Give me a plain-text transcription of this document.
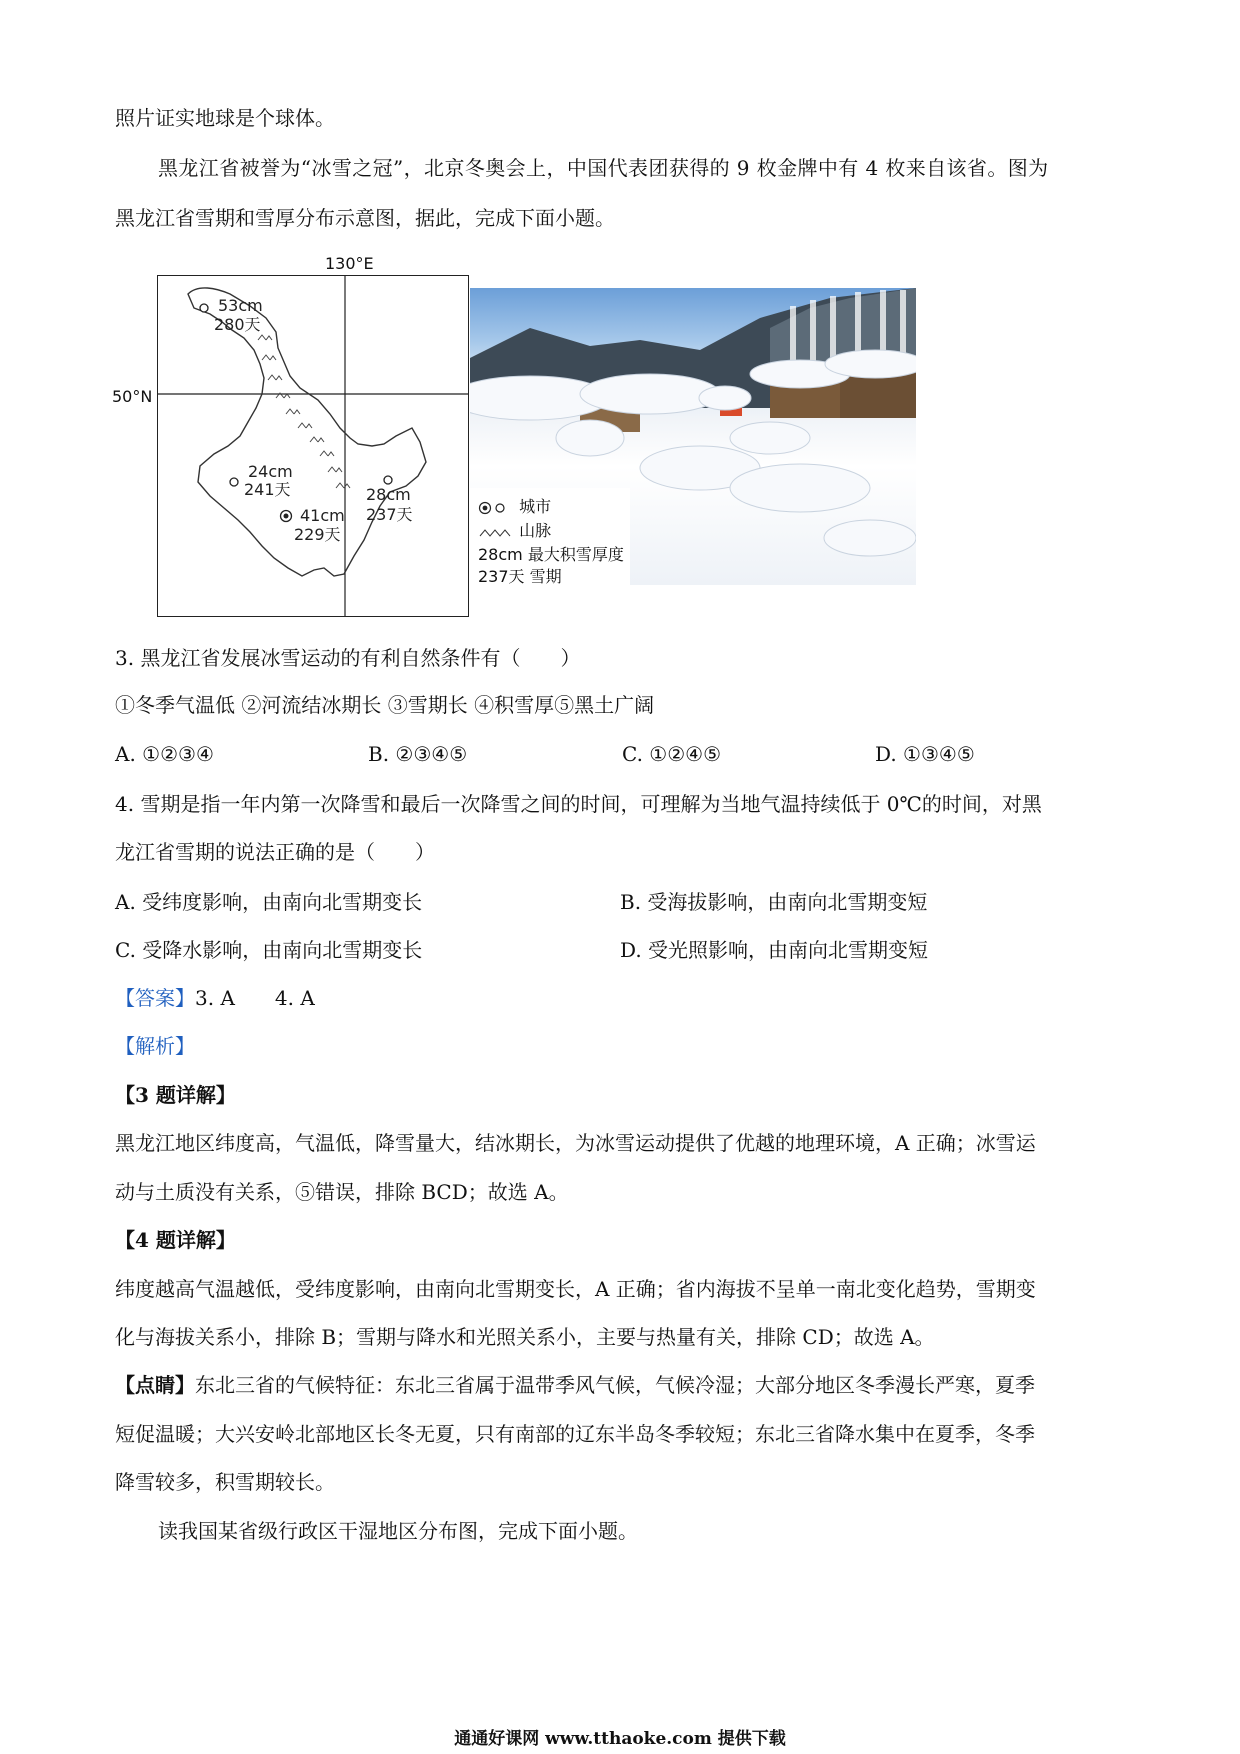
照片证实地球是个球体。
黑龙江省被誉为“冰雪之冠”，北京冬奥会上，中国代表团获得的 9 枚金牌中有 4 枚来自该省。图为
黑龙江省雪期和雪厚分布示意图，据此，完成下面小题。
130°E
50°N
53cm
280天
24cm
241天
41cm
229天
28cm
237天	城市
山脉
28cm 最大积雪厚度
237天 雪期
3. 黑龙江省发展冰雪运动的有利自然条件有（　　）
①冬季气温低 ②河流结冰期长 ③雪期长 ④积雪厚⑤黑土广阔
A. ①②③④	B. ②③④⑤	C. ①②④⑤	D. ①③④⑤
4. 雪期是指一年内第一次降雪和最后一次降雪之间的时间，可理解为当地气温持续低于 0℃的时间，对黑
龙江省雪期的说法正确的是（　　）
A. 受纬度影响，由南向北雪期变长	B. 受海拔影响，由南向北雪期变短
C. 受降水影响，由南向北雪期变长	D. 受光照影响，由南向北雪期变短
【答案】3. A　　4. A
【解析】
【3 题详解】
黑龙江地区纬度高，气温低，降雪量大，结冰期长，为冰雪运动提供了优越的地理环境，A 正确；冰雪运
动与土质没有关系，⑤错误，排除 BCD；故选 A。
【4 题详解】
纬度越高气温越低，受纬度影响，由南向北雪期变长，A 正确；省内海拔不呈单一南北变化趋势，雪期变
化与海拔关系小，排除 B；雪期与降水和光照关系小，主要与热量有关，排除 CD；故选 A。
【点睛】东北三省的气候特征：东北三省属于温带季风气候，气候冷湿；大部分地区冬季漫长严寒，夏季
短促温暖；大兴安岭北部地区长冬无夏，只有南部的辽东半岛冬季较短；东北三省降水集中在夏季，冬季
降雪较多，积雪期较长。
读我国某省级行政区干湿地区分布图，完成下面小题。
通通好课网 www.tthaoke.com 提供下载
